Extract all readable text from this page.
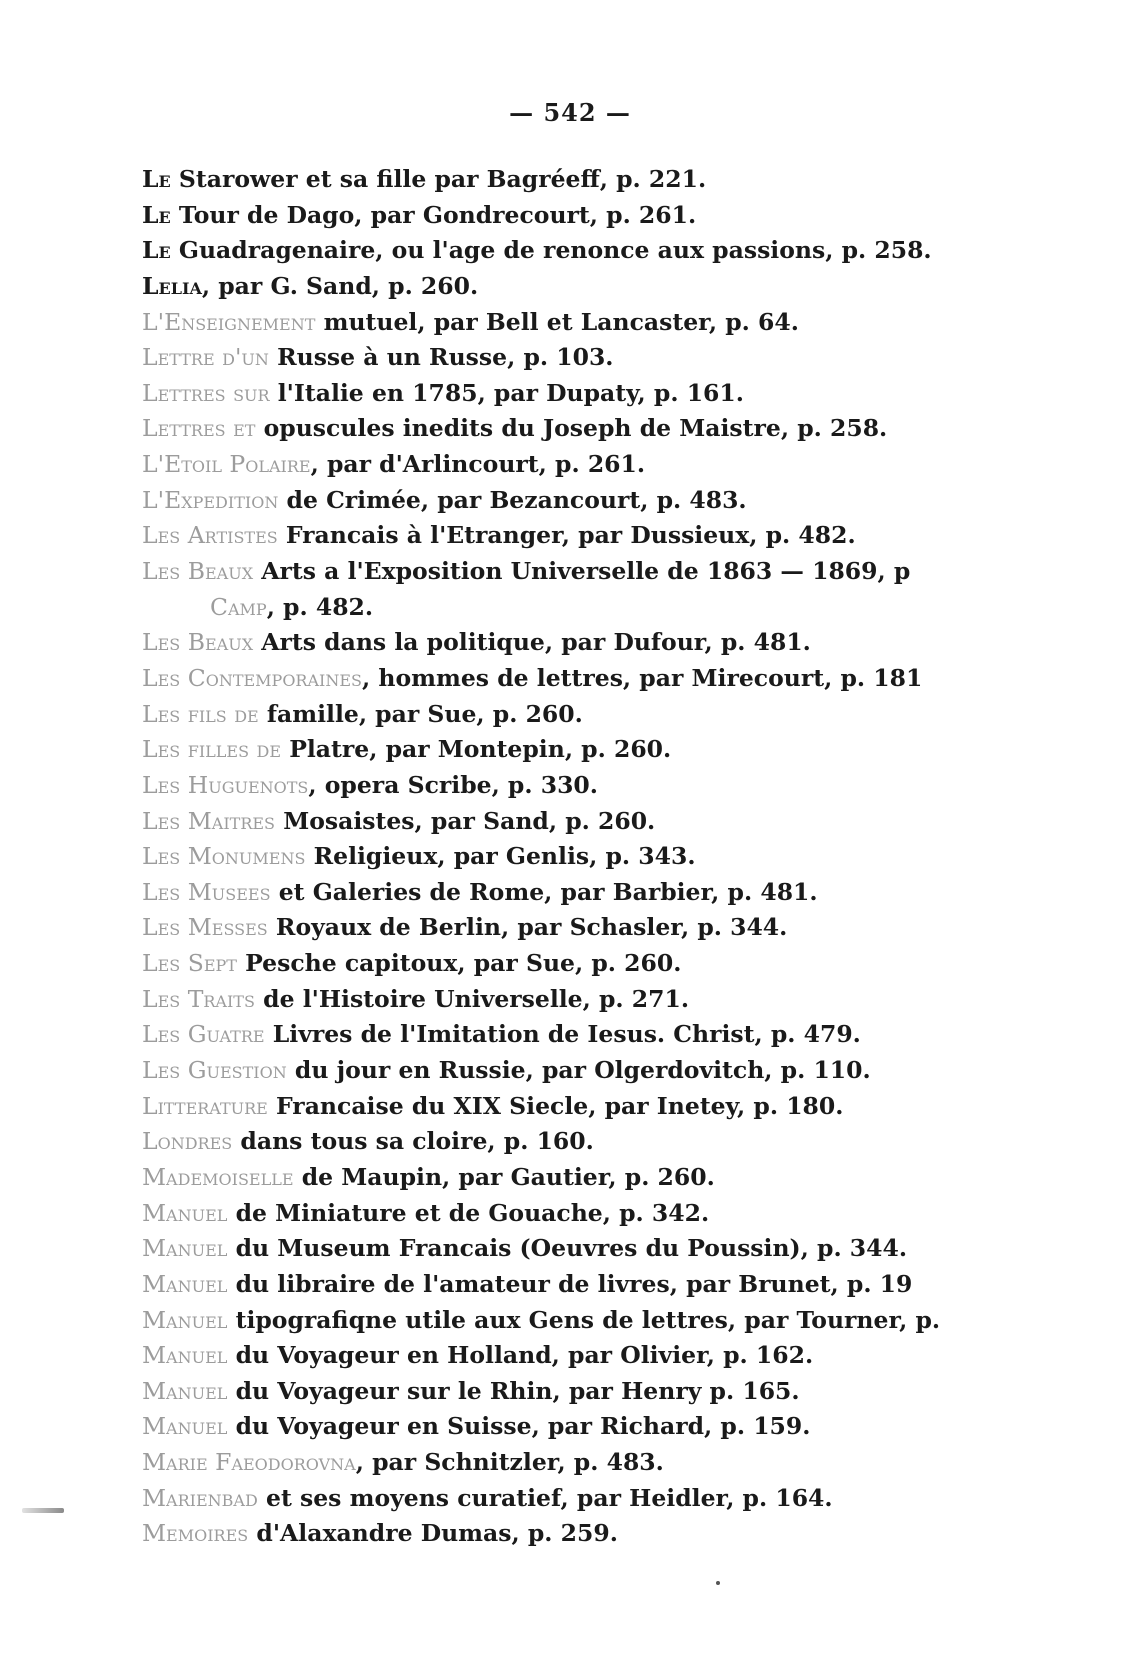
— 542 —
Le Starower et sa fille par Bagréeff, p. 221.
Le Tour de Dago, par Gondrecourt, p. 261.
Le Guadragenaire, ou l'age de renonce aux passions, p. 258.
Lelia, par G. Sand, p. 260.
L'Enseignement mutuel, par Bell et Lancaster, p. 64.
Lettre d'un Russe à un Russe, p. 103.
Lettres sur l'Italie en 1785, par Dupaty, p. 161.
Lettres et opuscules inedits du Joseph de Maistre, p. 258.
L'Etoil Polaire, par d'Arlincourt, p. 261.
L'Expedition de Crimée, par Bezancourt, p. 483.
Les Artistes Francais à l'Etranger, par Dussieux, p. 482.
Les Beaux Arts a l'Exposition Universelle de 1863 — 1869, p
Camp, p. 482.
Les Beaux Arts dans la politique, par Dufour, p. 481.
Les Contemporaines, hommes de lettres, par Mirecourt, p. 181
Les fils de famille, par Sue, p. 260.
Les filles de Platre, par Montepin, p. 260.
Les Huguenots, opera Scribe, p. 330.
Les Maitres Mosaistes, par Sand, p. 260.
Les Monumens Religieux, par Genlis, p. 343.
Les Musees et Galeries de Rome, par Barbier, p. 481.
Les Messes Royaux de Berlin, par Schasler, p. 344.
Les Sept Pesche capitoux, par Sue, p. 260.
Les Traits de l'Histoire Universelle, p. 271.
Les Guatre Livres de l'Imitation de Iesus. Christ, p. 479.
Les Guestion du jour en Russie, par Olgerdovitch, p. 110.
Litterature Francaise du XIX Siecle, par Inetey, p. 180.
Londres dans tous sa cloire, p. 160.
Mademoiselle de Maupin, par Gautier, p. 260.
Manuel de Miniature et de Gouache, p. 342.
Manuel du Museum Francais (Oeuvres du Poussin), p. 344.
Manuel du libraire de l'amateur de livres, par Brunet, p. 19
Manuel tipografiqne utile aux Gens de lettres, par Tourner, p.
Manuel du Voyageur en Holland, par Olivier, p. 162.
Manuel du Voyageur sur le Rhin, par Henry p. 165.
Manuel du Voyageur en Suisse, par Richard, p. 159.
Marie Faeodorovna, par Schnitzler, p. 483.
Marienbad et ses moyens curatief, par Heidler, p. 164.
Memoires d'Alaxandre Dumas, p. 259.
